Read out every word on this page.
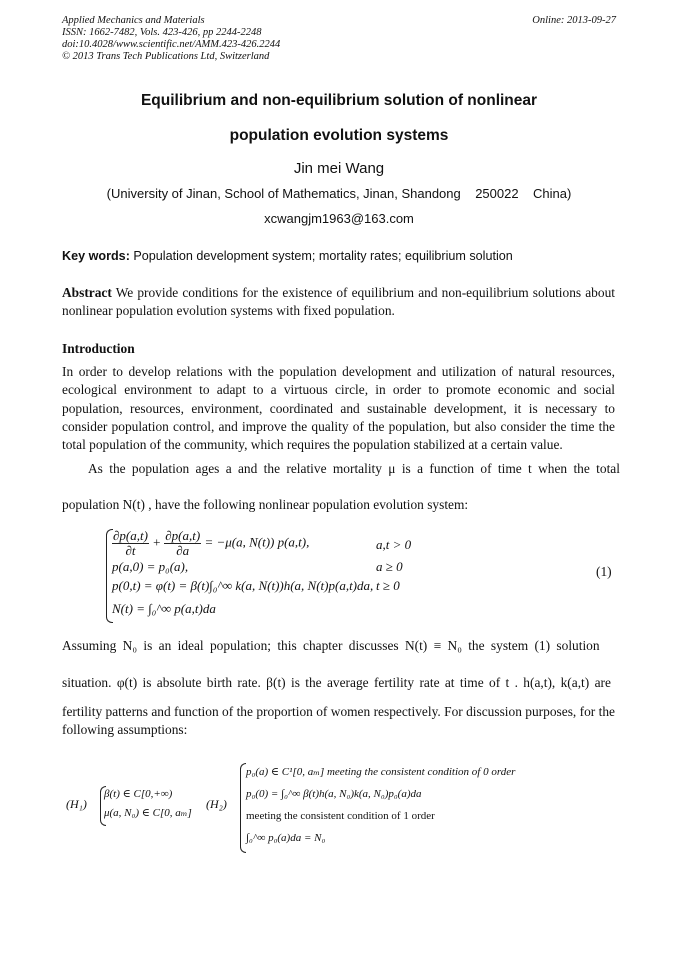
Applied Mechanics and Materials
ISSN: 1662-7482, Vols. 423-426, pp 2244-2248
doi:10.4028/www.scientific.net/AMM.423-426.2244
© 2013 Trans Tech Publications Ltd, Switzerland
Online: 2013-09-27
Equilibrium and non-equilibrium solution of nonlinear
population evolution systems
Jin mei Wang
(University of Jinan, School of Mathematics, Jinan, Shandong    250022    China)
xcwangjm1963@163.com
Key words: Population development system; mortality rates; equilibrium solution
Abstract We provide conditions for the existence of equilibrium and non-equilibrium solutions about nonlinear population evolution systems with fixed population.
Introduction
In order to develop relations with the population development and utilization of natural resources, ecological environment to adapt to a virtuous circle, in order to promote economic and social population, resources, environment, coordinated and sustainable development, it is necessary to consider population control, and improve the quality of the population, but also consider the time the total population of the community, which requires the population stabilized at a certain value.
As the population ages a and the relative mortality μ is a function of time t when the total
population N(t) , have the following nonlinear population evolution system:
$\frac{\partial p(a,t)}{\partial t} + \frac{\partial p(a,t)}{\partial a} = -\mu(a$, N(t)) p(a,t),	a,t > 0
p(a,0) = p₀(a),	a ≥ 0
p(0,t) = φ(t) = β(t)∫₀^∞ k(a, N(t))h(a, N(t)p(a,t)da, t ≥ 0
N(t) = ∫₀^∞ p(a,t)da
(1)
Assuming N₀ is an ideal population; this chapter discusses N(t) ≡ N₀ the system (1) solution
situation. φ(t) is absolute birth rate. β(t) is the average fertility rate at time of t . h(a,t), k(a,t) are
fertility patterns and function of the proportion of women respectively. For discussion purposes, for the following assumptions:
(H₁)
β(t) ∈ C[0,+∞)
μ(a, N₀) ∈ C[0, aₘ]
(H₂)
p₀(a) ∈ C¹[0, aₘ] meeting the consistent condition of 0 order
p₀(0) = ∫₀^∞ β(t)h(a, N₀)k(a, N₀)p₀(a)da
meeting the consistent condition of 1 order
∫₀^∞ p₀(a)da = N₀
